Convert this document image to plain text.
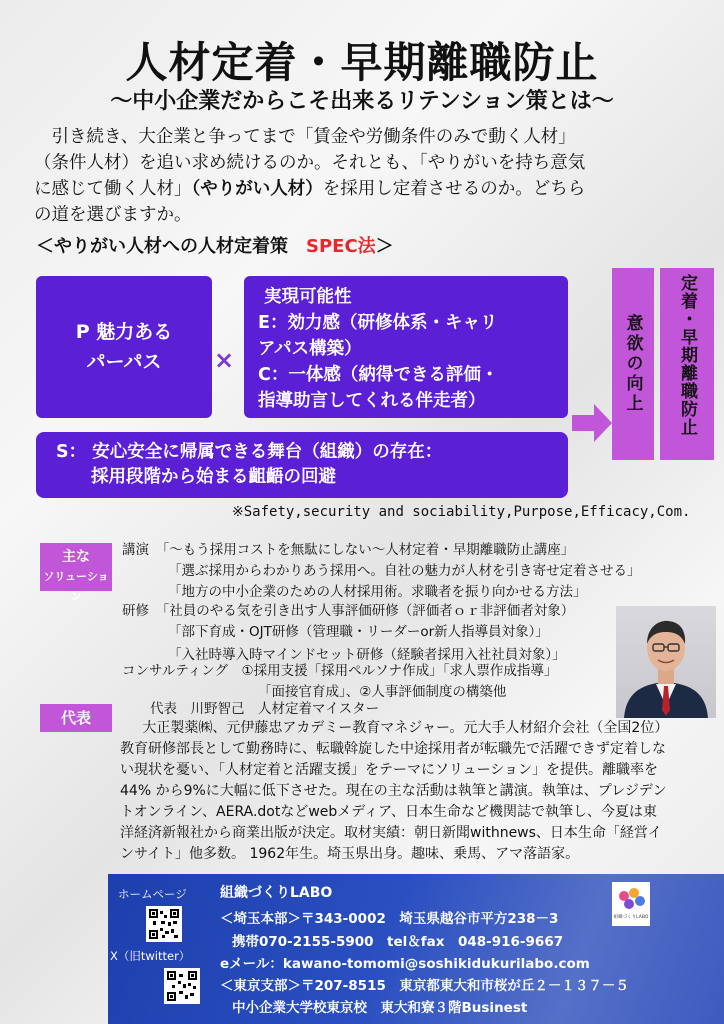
人材定着・早期離職防止
〜中小企業だからこそ出来るリテンション策とは〜
引き続き、大企業と争ってまで「賃金や労働条件のみで動く人材」
（条件人材）を追い求め続けるのか。それとも、「やりがいを持ち意気
に感じて働く人材」（やりがい人材）を採用し定着させるのか。どちら
の道を選びますか。
＜やりがい人材への人材定着策 SPEC法＞
P 魅力ある
パーパス	×
実現可能性
E：効力感（研修体系・キャリ
アパス構築）
C：一体感（納得できる評価・
指導助言してくれる伴走者）
S： 安心安全に帰属できる舞台（組織）の存在：
採用段階から始まる齟齬の回避
意欲の向上	定着・早期
離職防止
※Safety,security and sociability,Purpose,Efficacy,Com.
主な
ソリューション
講演　「〜もう採用コストを無駄にしない〜人材定着・早期離職防止講座」
「選ぶ採用からわかりあう採用へ。自社の魅力が人材を引き寄せ定着させる」
「地方の中小企業のための人材採用術。求職者を振り向かせる方法」
研修　「社員のやる気を引き出す人事評価研修（評価者ｏｒ非評価者対象）
「部下育成・OJT研修（管理職・リーダーor新人指導員対象）」
「入社時導入時マインドセット研修（経験者採用入社社員対象）」
コンサルティング　①採用支援「採用ペルソナ作成」「求人票作成指導」
「面接官育成」、②人事評価制度の構築他
代表	代表　川野智己　人材定着マイスター
大正製薬㈱、元伊藤忠アカデミー教育マネジャー。元大手人材紹介会社（全国2位）
教育研修部長として勤務時に、転職斡旋した中途採用者が転職先で活躍できず定着しな
い現状を憂い、「人材定着と活躍支援」をテーマにソリューション」を提供。離職率を
44% から9%に大幅に低下させた。現在の主な活動は執筆と講演。執筆は、プレジデン
トオンライン、AERA.dotなどwebメディア、日本生命など機関誌で執筆し、今夏は東
洋経済新報社から商業出版が決定。取材実績：朝日新聞withnews、日本生命「経営イ
ンサイト」他多数。 1962年生。埼玉県出身。趣味、乗馬、アマ落語家。
ホームページ
X（旧twitter）
組織づくりLABO
＜埼玉本部＞〒343-0002　埼玉県越谷市平方238－3
携帯070-2155-5900　tel＆fax　048-916-9667
eメール：kawano-tomomi@soshikidukurilabo.com
＜東京支部＞〒207-8515　東京都東大和市桜が丘２－１３７－５
中小企業大学校東京校　東大和寮３階Businest
組織づくりLABO
